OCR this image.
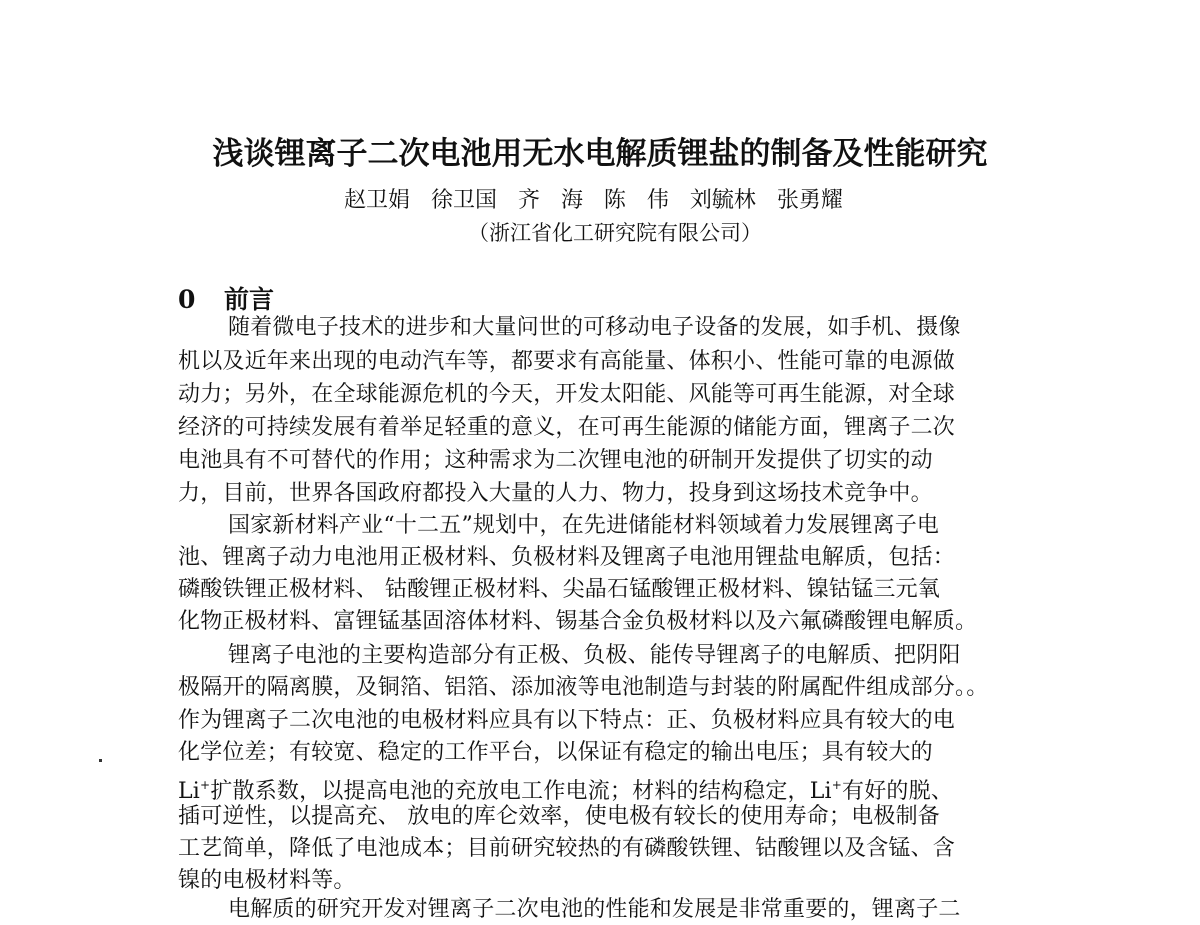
浅谈锂离子二次电池用无水电解质锂盐的制备及性能研究
赵卫娟   徐卫国   齐   海   陈   伟   刘毓林   张勇耀
（浙江省化工研究院有限公司）
0 前言
随着微电子技术的进步和大量问世的可移动电子设备的发展，如手机、摄像
机以及近年来出现的电动汽车等，都要求有高能量、体积小、性能可靠的电源做
动力；另外，在全球能源危机的今天，开发太阳能、风能等可再生能源，对全球
经济的可持续发展有着举足轻重的意义，在可再生能源的储能方面，锂离子二次
电池具有不可替代的作用；这种需求为二次锂电池的研制开发提供了切实的动
力，目前，世界各国政府都投入大量的人力、物力，投身到这场技术竞争中。
国家新材料产业“十二五”规划中，在先进储能材料领域着力发展锂离子电
池、锂离子动力电池用正极材料、负极材料及锂离子电池用锂盐电解质，包括：
磷酸铁锂正极材料、 钴酸锂正极材料、尖晶石锰酸锂正极材料、镍钴锰三元氧
化物正极材料、富锂锰基固溶体材料、锡基合金负极材料以及六氟磷酸锂电解质。
锂离子电池的主要构造部分有正极、负极、能传导锂离子的电解质、把阴阳
极隔开的隔离膜，及铜箔、铝箔、添加液等电池制造与封装的附属配件组成部分。。
作为锂离子二次电池的电极材料应具有以下特点：正、负极材料应具有较大的电
化学位差；有较宽、稳定的工作平台，以保证有稳定的输出电压；具有较大的
Li+扩散系数，以提高电池的充放电工作电流；材料的结构稳定，Li+有好的脱、
插可逆性，以提高充、 放电的库仑效率，使电极有较长的使用寿命；电极制备
工艺简单，降低了电池成本；目前研究较热的有磷酸铁锂、钴酸锂以及含锰、含
镍的电极材料等。
电解质的研究开发对锂离子二次电池的性能和发展是非常重要的，锂离子二
